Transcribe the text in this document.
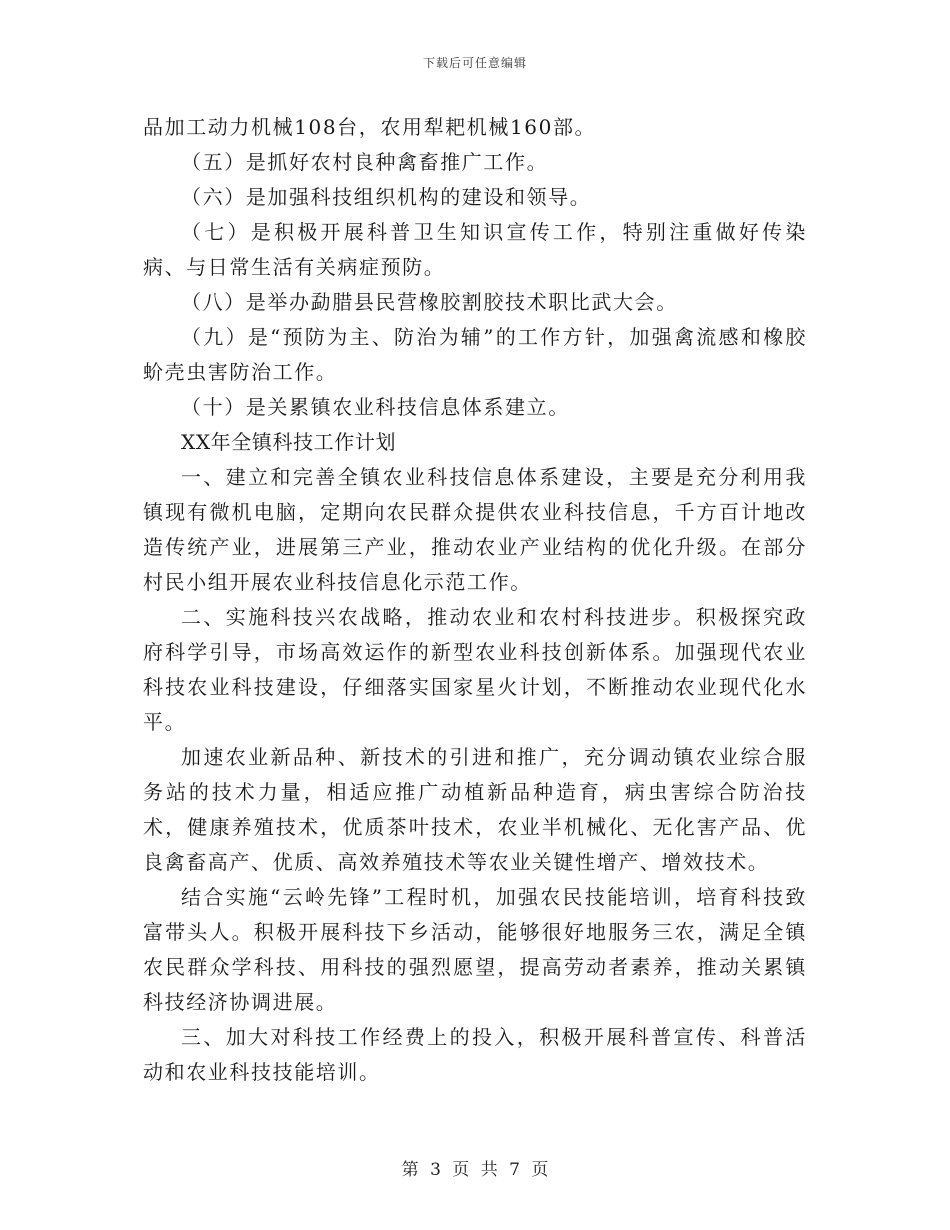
下载后可任意编辑

品加工动力机械108台，农用犁耙机械160部。

（五）是抓好农村良种禽畜推广工作。

（六）是加强科技组织机构的建设和领导。

（七）是积极开展科普卫生知识宣传工作，特别注重做好传染病、与日常生活有关病症预防。

（八）是举办勐腊县民营橡胶割胶技术职比武大会。

（九）是“预防为主、防治为辅”的工作方针，加强禽流感和橡胶蚧壳虫害防治工作。

（十）是关累镇农业科技信息体系建立。

XX年全镇科技工作计划

一、建立和完善全镇农业科技信息体系建设，主要是充分利用我镇现有微机电脑，定期向农民群众提供农业科技信息，千方百计地改造传统产业，进展第三产业，推动农业产业结构的优化升级。在部分村民小组开展农业科技信息化示范工作。

二、实施科技兴农战略，推动农业和农村科技进步。积极探究政府科学引导，市场高效运作的新型农业科技创新体系。加强现代农业科技农业科技建设，仔细落实国家星火计划，不断推动农业现代化水平。

加速农业新品种、新技术的引进和推广，充分调动镇农业综合服务站的技术力量，相适应推广动植新品种造育，病虫害综合防治技术，健康养殖技术，优质茶叶技术，农业半机械化、无化害产品、优良禽畜高产、优质、高效养殖技术等农业关键性增产、增效技术。

结合实施“云岭先锋”工程时机，加强农民技能培训，培育科技致富带头人。积极开展科技下乡活动，能够很好地服务三农，满足全镇农民群众学科技、用科技的强烈愿望，提高劳动者素养，推动关累镇科技经济协调进展。

三、加大对科技工作经费上的投入，积极开展科普宣传、科普活动和农业科技技能培训。

第 3 页 共 7 页
